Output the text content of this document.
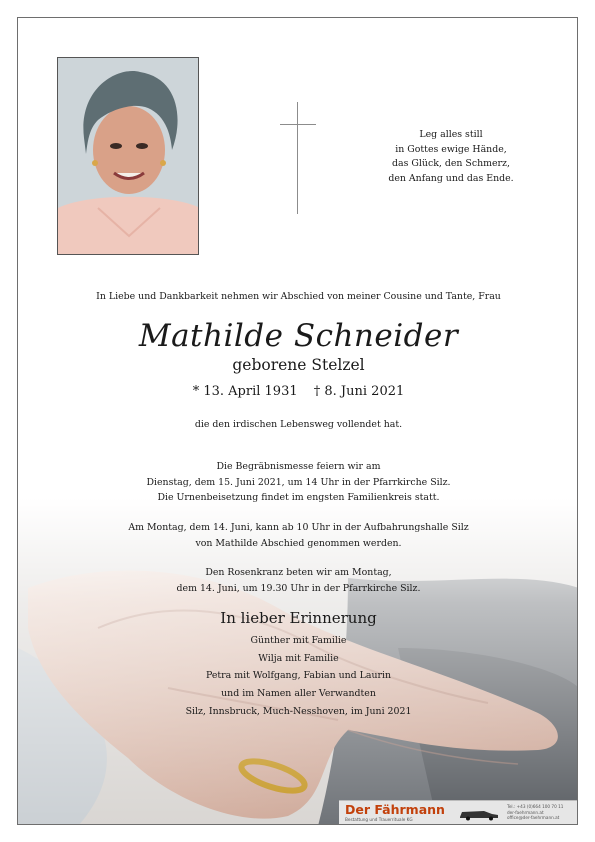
Leg alles still
in Gottes ewige Hände,
das Glück, den Schmerz,
den Anfang und das Ende.
In Liebe und Dankbarkeit nehmen wir Abschied von meiner Cousine und Tante, Frau
Mathilde Schneider
geborene Stelzel
* 13. April 1931 † 8. Juni 2021
die den irdischen Lebensweg vollendet hat.
Die Begräbnismesse feiern wir am
Dienstag, dem 15. Juni 2021, um 14 Uhr in der Pfarrkirche Silz.
Die Urnenbeisetzung findet im engsten Familienkreis statt.
Am Montag, dem 14. Juni, kann ab 10 Uhr in der Aufbahrungshalle Silz
von Mathilde Abschied genommen werden.
Den Rosenkranz beten wir am Montag,
dem 14. Juni, um 19.30 Uhr in der Pfarrkirche Silz.
In lieber Erinnerung
Günther mit Familie
Wilja mit Familie
Petra mit Wolfgang, Fabian und Laurin
und im Namen aller Verwandten
Silz, Innsbruck, Much-Nesshoven, im Juni 2021
Der Fährmann
Bestattung und Trauerrituale KG
Tel.: +43 (0)664 100 70 11
der-faehrmann.at
office@der-faehrmann.at
